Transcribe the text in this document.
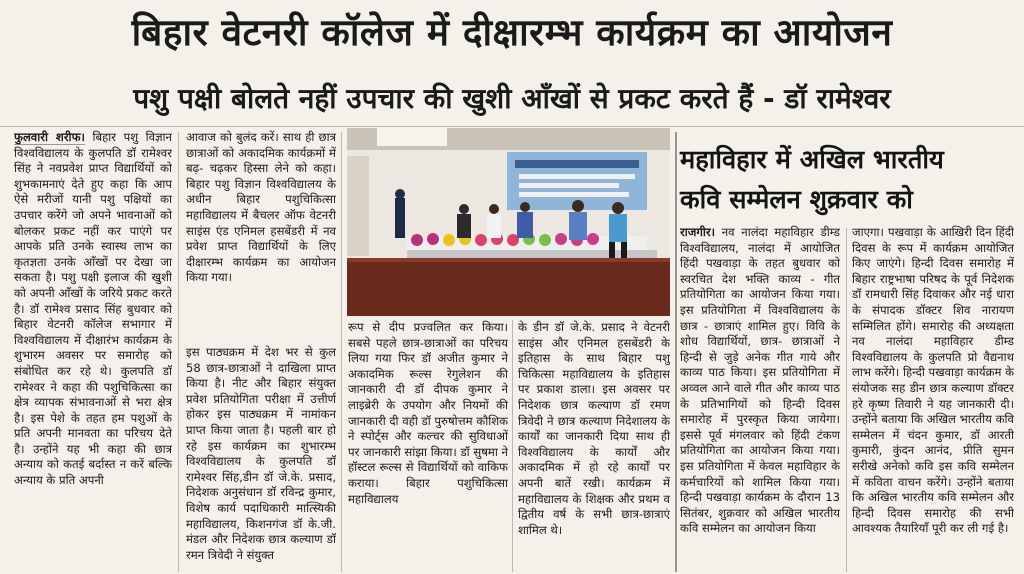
बिहार वेटनरी कॉलेज में दीक्षारम्भ कार्यक्रम का आयोजन
पशु पक्षी बोलते नहीं उपचार की खुशी आँखों से प्रकट करते हैं - डॉ रामेश्वर
फुलवारी शरीफ। बिहार पशु विज्ञान विश्वविद्यालय के कुलपति डॉ रामेश्वर सिंह ने नवप्रवेश प्राप्त विद्यार्थियों को शुभकामनाएं देते हुए कहा कि आप ऐसे मरीजों यानी पशु पक्षियों का उपचार करेंगे जो अपने भावनाओं को बोलकर प्रकट नहीं कर पाएंगे पर आपके प्रति उनके स्वास्थ लाभ का कृतज्ञता उनके आँखों पर देखा जा सकता है। पशु पक्षी इलाज की खुशी को अपनी आँखों के जरिये प्रकट करते है। डॉ रामेश्व प्रसाद सिंह बुधवार को बिहार वेटनरी कॉलेज सभागार में विश्वविद्यालय में दीक्षारंभ कार्यक्रम के शुभारम अवसर पर समारोह को संबोधित कर रहे थे। कुलपति डॉ रामेश्वर ने कहा की पशुचिकित्सा का क्षेत्र व्यापक संभावनाओं से भरा क्षेत्र है। इस पेशे के तहत हम पशुओं के प्रति अपनी मानवता का परिचय देते है। उन्होंने यह भी कहा की छात्र अन्याय को कतई बर्दास्त न करें बल्कि अन्याय के प्रति अपनी
आवाज को बुलंद करें। साथ ही छात्र छात्राओं को अकादमिक कार्यक्रमों में बढ़- चढ़कर हिस्सा लेने को कहा। बिहार पशु विज्ञान विश्वविद्यालय के अधीन बिहार पशुचिकित्सा महाविद्यालय में बैचलर ऑफ वेटनरी साइंस एंड एनिमल हसबेंडरी में नव प्रवेश प्राप्त विद्यार्थियों के लिए दीक्षारम्भ कार्यक्रम का आयोजन किया गया।
इस पाठ्यक्रम में देश भर से कुल 58 छात्र-छात्राओं ने दाखिला प्राप्त किया है। नीट और बिहार संयुक्त प्रवेश प्रतियोगिता परीक्षा में उत्तीर्ण होकर इस पाठ्यक्रम में नामांकन प्राप्त किया जाता है। पहली बार हो रहे इस कार्यक्रम का शुभारम्भ विश्वविद्यालय के कुलपति डॉ रामेश्वर सिंह,डीन डॉ जे.के. प्रसाद, निदेशक अनुसंधान डॉ रविन्द्र कुमार, विशेष कार्य पदाधिकारी मात्स्यिकी महाविद्यालय, किशनगंज डॉ के.जी. मंडल और निदेशक छात्र कल्याण डॉ रमन त्रिवेदी ने संयुक्त
रूप से दीप प्रज्वलित कर किया। सबसे पहले छात्र-छात्राओं का परिचय लिया गया फिर डॉ अजीत कुमार ने अकादमिक रूल्स रेगुलेशन की जानकारी दी डॉ दीपक कुमार ने लाइब्रेरी के उपयोग और नियमों की जानकारी दी वही डॉ पुरुषोत्तम कौशिक ने स्पोर्ट्स और कल्चर की सुविधाओं पर जानकारी सांझा किया। डॉ सुषमा ने हॉस्टल रूल्स से विद्यार्थियों को वाकिफ कराया। बिहार पशुचिकित्सा महाविद्यालय
के डीन डॉ जे.के. प्रसाद ने वेटनरी साइंस और एनिमल हसबेंडरी के इतिहास के साथ बिहार पशु चिकित्सा महाविद्यालय के इतिहास पर प्रकाश डाला। इस अवसर पर निदेशक छात्र कल्याण डॉ रमण त्रिवेदी ने छात्र कल्याण निदेशालय के कार्यों का जानकारी दिया साथ ही विश्वविद्यालय के कार्यों और अकादमिक में हो रहे कार्यों पर अपनी बातें रखी। कार्यक्रम में महाविद्यालय के शिक्षक और प्रथम व द्वितीय वर्ष के सभी छात्र-छात्राएं शामिल थे।
महाविहार में अखिल भारतीय
कवि सम्मेलन शुक्रवार को
राजगीर। नव नालंदा महाविहार डीम्ड विश्वविद्यालय, नालंदा में आयोजित हिंदी पखवाड़ा के तहत बुधवार को स्वरचित देश भक्ति काव्य - गीत प्रतियोगिता का आयोजन किया गया। इस प्रतियोगिता में विश्वविद्यालय के छात्र - छात्राएं शामिल हुए। विवि के शोध विद्यार्थियों, छात्र- छात्राओं ने हिन्दी से जुड़े अनेक गीत गाये और काव्य पाठ किया। इस प्रतियोगिता में अव्वल आने वाले गीत और काव्य पाठ के प्रतिभागियों को हिन्दी दिवस समारोह में पुरस्कृत किया जायेगा। इससे पूर्व मंगलवार को हिंदी टंकण प्रतियोगिता का आयोजन किया गया। इस प्रतियोगिता में केवल महाविहार के कर्मचारियों को शामिल किया गया। हिन्दी पखवाड़ा कार्यक्रम के दौरान 13 सितंबर, शुक्रवार को अखिल भारतीय कवि सम्मेलन का आयोजन किया
जाएगा। पखवाड़ा के आखिरी दिन हिंदी दिवस के रूप में कार्यक्रम आयोजित किए जाएंगे। हिन्दी दिवस समारोह में बिहार राष्ट्रभाषा परिषद के पूर्व निदेशक डॉ रामधारी सिंह दिवाकर और नई धारा के संपादक डॉक्टर शिव नारायण सम्मिलित होंगे। समारोह की अध्यक्षता नव नालंदा महाविहार डीम्ड विश्वविद्यालय के कुलपति प्रो वैद्यनाथ लाभ करेंगे। हिन्दी पखवाड़ा कार्यक्रम के संयोजक सह डीन छात्र कल्याण डॉक्टर हरे कृष्ण तिवारी ने यह जानकारी दी। उन्होंने बताया कि अखिल भारतीय कवि सम्मेलन में चंदन कुमार, डॉ आरती कुमारी, कुंदन आनंद, प्रीति सुमन सरीखे अनेको कवि इस कवि सम्मेलन में कविता वाचन करेंगे। उन्होंने बताया कि अखिल भारतीय कवि सम्मेलन और हिन्दी दिवस समारोह की सभी आवश्यक तैयारियाँ पूरी कर ली गई है।
